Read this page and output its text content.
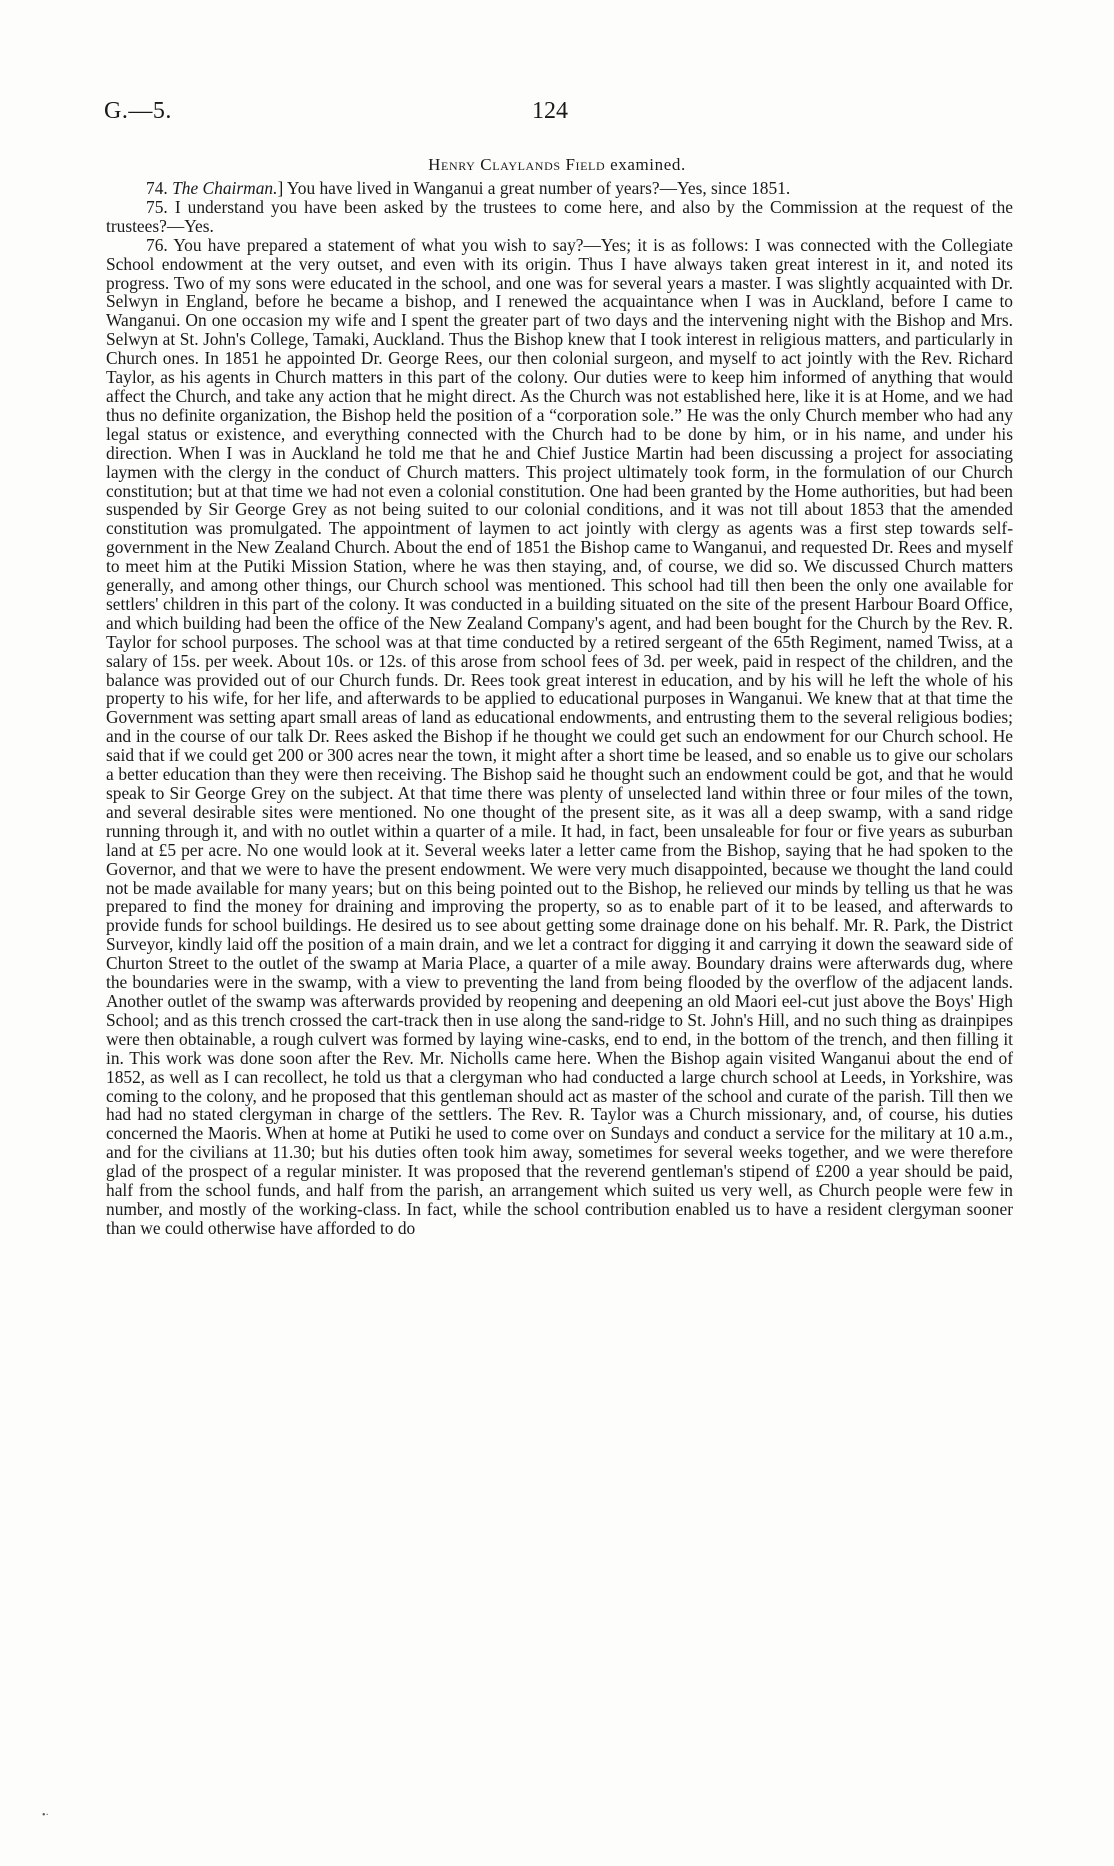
G.—5.	124
Henry Claylands Field examined.

74. The Chairman.] You have lived in Wanganui a great number of years?—Yes, since 1851.

75. I understand you have been asked by the trustees to come here, and also by the Commission at the request of the trustees?—Yes.

76. You have prepared a statement of what you wish to say?—Yes; it is as follows: I was connected with the Collegiate School endowment at the very outset, and even with its origin. Thus I have always taken great interest in it, and noted its progress. Two of my sons were educated in the school, and one was for several years a master. I was slightly acquainted with Dr. Selwyn in England, before he became a bishop, and I renewed the acquaintance when I was in Auckland, before I came to Wanganui. On one occasion my wife and I spent the greater part of two days and the intervening night with the Bishop and Mrs. Selwyn at St. John's College, Tamaki, Auckland. Thus the Bishop knew that I took interest in religious matters, and particularly in Church ones. In 1851 he appointed Dr. George Rees, our then colonial surgeon, and myself to act jointly with the Rev. Richard Taylor, as his agents in Church matters in this part of the colony. Our duties were to keep him informed of anything that would affect the Church, and take any action that he might direct. As the Church was not established here, like it is at Home, and we had thus no definite organization, the Bishop held the position of a “corporation sole.” He was the only Church member who had any legal status or existence, and everything connected with the Church had to be done by him, or in his name, and under his direction. When I was in Auckland he told me that he and Chief Justice Martin had been discussing a project for associating laymen with the clergy in the conduct of Church matters. This project ultimately took form, in the formulation of our Church constitution; but at that time we had not even a colonial constitution. One had been granted by the Home authorities, but had been suspended by Sir George Grey as not being suited to our colonial conditions, and it was not till about 1853 that the amended constitution was promulgated. The appointment of laymen to act jointly with clergy as agents was a first step towards self-government in the New Zealand Church. About the end of 1851 the Bishop came to Wanganui, and requested Dr. Rees and myself to meet him at the Putiki Mission Station, where he was then staying, and, of course, we did so. We discussed Church matters generally, and among other things, our Church school was mentioned. This school had till then been the only one available for settlers' children in this part of the colony. It was conducted in a building situated on the site of the present Harbour Board Office, and which building had been the office of the New Zealand Company's agent, and had been bought for the Church by the Rev. R. Taylor for school purposes. The school was at that time conducted by a retired sergeant of the 65th Regiment, named Twiss, at a salary of 15s. per week. About 10s. or 12s. of this arose from school fees of 3d. per week, paid in respect of the children, and the balance was provided out of our Church funds. Dr. Rees took great interest in education, and by his will he left the whole of his property to his wife, for her life, and afterwards to be applied to educational purposes in Wanganui. We knew that at that time the Government was setting apart small areas of land as educational endowments, and entrusting them to the several religious bodies; and in the course of our talk Dr. Rees asked the Bishop if he thought we could get such an endowment for our Church school. He said that if we could get 200 or 300 acres near the town, it might after a short time be leased, and so enable us to give our scholars a better education than they were then receiving. The Bishop said he thought such an endowment could be got, and that he would speak to Sir George Grey on the subject. At that time there was plenty of unselected land within three or four miles of the town, and several desirable sites were mentioned. No one thought of the present site, as it was all a deep swamp, with a sand ridge running through it, and with no outlet within a quarter of a mile. It had, in fact, been unsaleable for four or five years as suburban land at £5 per acre. No one would look at it. Several weeks later a letter came from the Bishop, saying that he had spoken to the Governor, and that we were to have the present endowment. We were very much disappointed, because we thought the land could not be made available for many years; but on this being pointed out to the Bishop, he relieved our minds by telling us that he was prepared to find the money for draining and improving the property, so as to enable part of it to be leased, and afterwards to provide funds for school buildings. He desired us to see about getting some drainage done on his behalf. Mr. R. Park, the District Surveyor, kindly laid off the position of a main drain, and we let a contract for digging it and carrying it down the seaward side of Churton Street to the outlet of the swamp at Maria Place, a quarter of a mile away. Boundary drains were afterwards dug, where the boundaries were in the swamp, with a view to preventing the land from being flooded by the overflow of the adjacent lands. Another outlet of the swamp was afterwards provided by reopening and deepening an old Maori eel-cut just above the Boys' High School; and as this trench crossed the cart-track then in use along the sand-ridge to St. John's Hill, and no such thing as drainpipes were then obtainable, a rough culvert was formed by laying wine-casks, end to end, in the bottom of the trench, and then filling it in. This work was done soon after the Rev. Mr. Nicholls came here. When the Bishop again visited Wanganui about the end of 1852, as well as I can recollect, he told us that a clergyman who had conducted a large church school at Leeds, in Yorkshire, was coming to the colony, and he proposed that this gentleman should act as master of the school and curate of the parish. Till then we had had no stated clergyman in charge of the settlers. The Rev. R. Taylor was a Church missionary, and, of course, his duties concerned the Maoris. When at home at Putiki he used to come over on Sundays and conduct a service for the military at 10 a.m., and for the civilians at 11.30; but his duties often took him away, sometimes for several weeks together, and we were therefore glad of the prospect of a regular minister. It was proposed that the reverend gentleman's stipend of £200 a year should be paid, half from the school funds, and half from the parish, an arrangement which suited us very well, as Church people were few in number, and mostly of the working-class. In fact, while the school contribution enabled us to have a resident clergyman sooner than we could otherwise have afforded to do

•·
